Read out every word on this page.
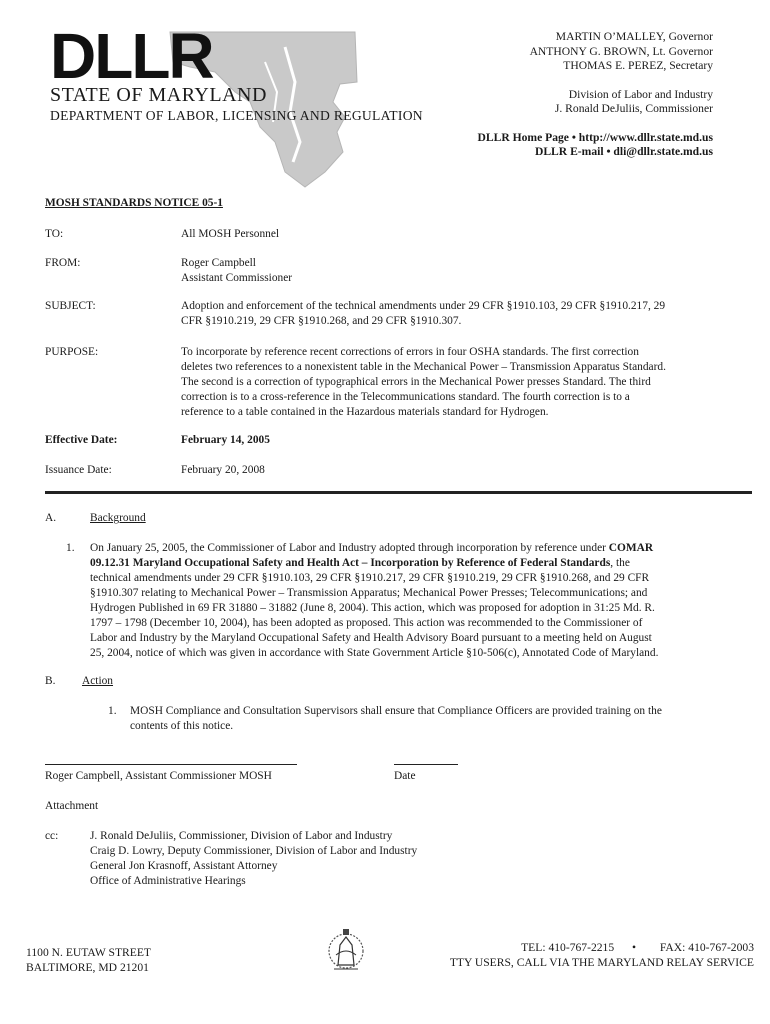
DLLR
STATE OF MARYLAND
DEPARTMENT OF LABOR, LICENSING AND REGULATION
MARTIN O’MALLEY, Governor
ANTHONY G. BROWN, Lt. Governor
THOMAS E. PEREZ, Secretary
Division of Labor and Industry
J. Ronald DeJuliis, Commissioner
DLLR Home Page • http://www.dllr.state.md.us
DLLR E-mail • dli@dllr.state.md.us
MOSH STANDARDS NOTICE 05-1
TO:	All MOSH Personnel
FROM:	Roger Campbell
Assistant Commissioner
SUBJECT:	Adoption and enforcement of the technical amendments under 29 CFR §1910.103, 29 CFR §1910.217, 29
CFR §1910.219, 29 CFR §1910.268, and 29 CFR §1910.307.
PURPOSE:	To incorporate by reference recent corrections of errors in four OSHA standards. The first correction
deletes two references to a nonexistent table in the Mechanical Power – Transmission Apparatus Standard.
The second is a correction of typographical errors in the Mechanical Power presses Standard. The third
correction is to a cross-reference in the Telecommunications standard. The fourth correction is to a
reference to a table contained in the Hazardous materials standard for Hydrogen.
Effective Date:	February 14, 2005
Issuance Date:	February 20, 2008
A.	Background
1. On January 25, 2005, the Commissioner of Labor and Industry adopted through incorporation by reference under COMAR
09.12.31 Maryland Occupational Safety and Health Act – Incorporation by Reference of Federal Standards, the
technical amendments under 29 CFR §1910.103, 29 CFR §1910.217, 29 CFR §1910.219, 29 CFR §1910.268, and 29 CFR
§1910.307 relating to Mechanical Power – Transmission Apparatus; Mechanical Power Presses; Telecommunications; and
Hydrogen Published in 69 FR 31880 – 31882 (June 8, 2004). This action, which was proposed for adoption in 31:25 Md. R.
1797 – 1798 (December 10, 2004), has been adopted as proposed. This action was recommended to the Commissioner of
Labor and Industry by the Maryland Occupational Safety and Health Advisory Board pursuant to a meeting held on August
25, 2004, notice of which was given in accordance with State Government Article §10-506(c), Annotated Code of Maryland.
B. Action
1. MOSH Compliance and Consultation Supervisors shall ensure that Compliance Officers are provided training on the
contents of this notice.
Roger Campbell, Assistant Commissioner MOSH	Date
Attachment
cc:	J. Ronald DeJuliis, Commissioner, Division of Labor and Industry
Craig D. Lowry, Deputy Commissioner, Division of Labor and Industry
General Jon Krasnoff, Assistant Attorney
Office of Administrative Hearings
1100 N. EUTAW STREET
BALTIMORE, MD 21201
TEL: 410-767-2215 • FAX: 410-767-2003
TTY USERS, CALL VIA THE MARYLAND RELAY SERVICE
